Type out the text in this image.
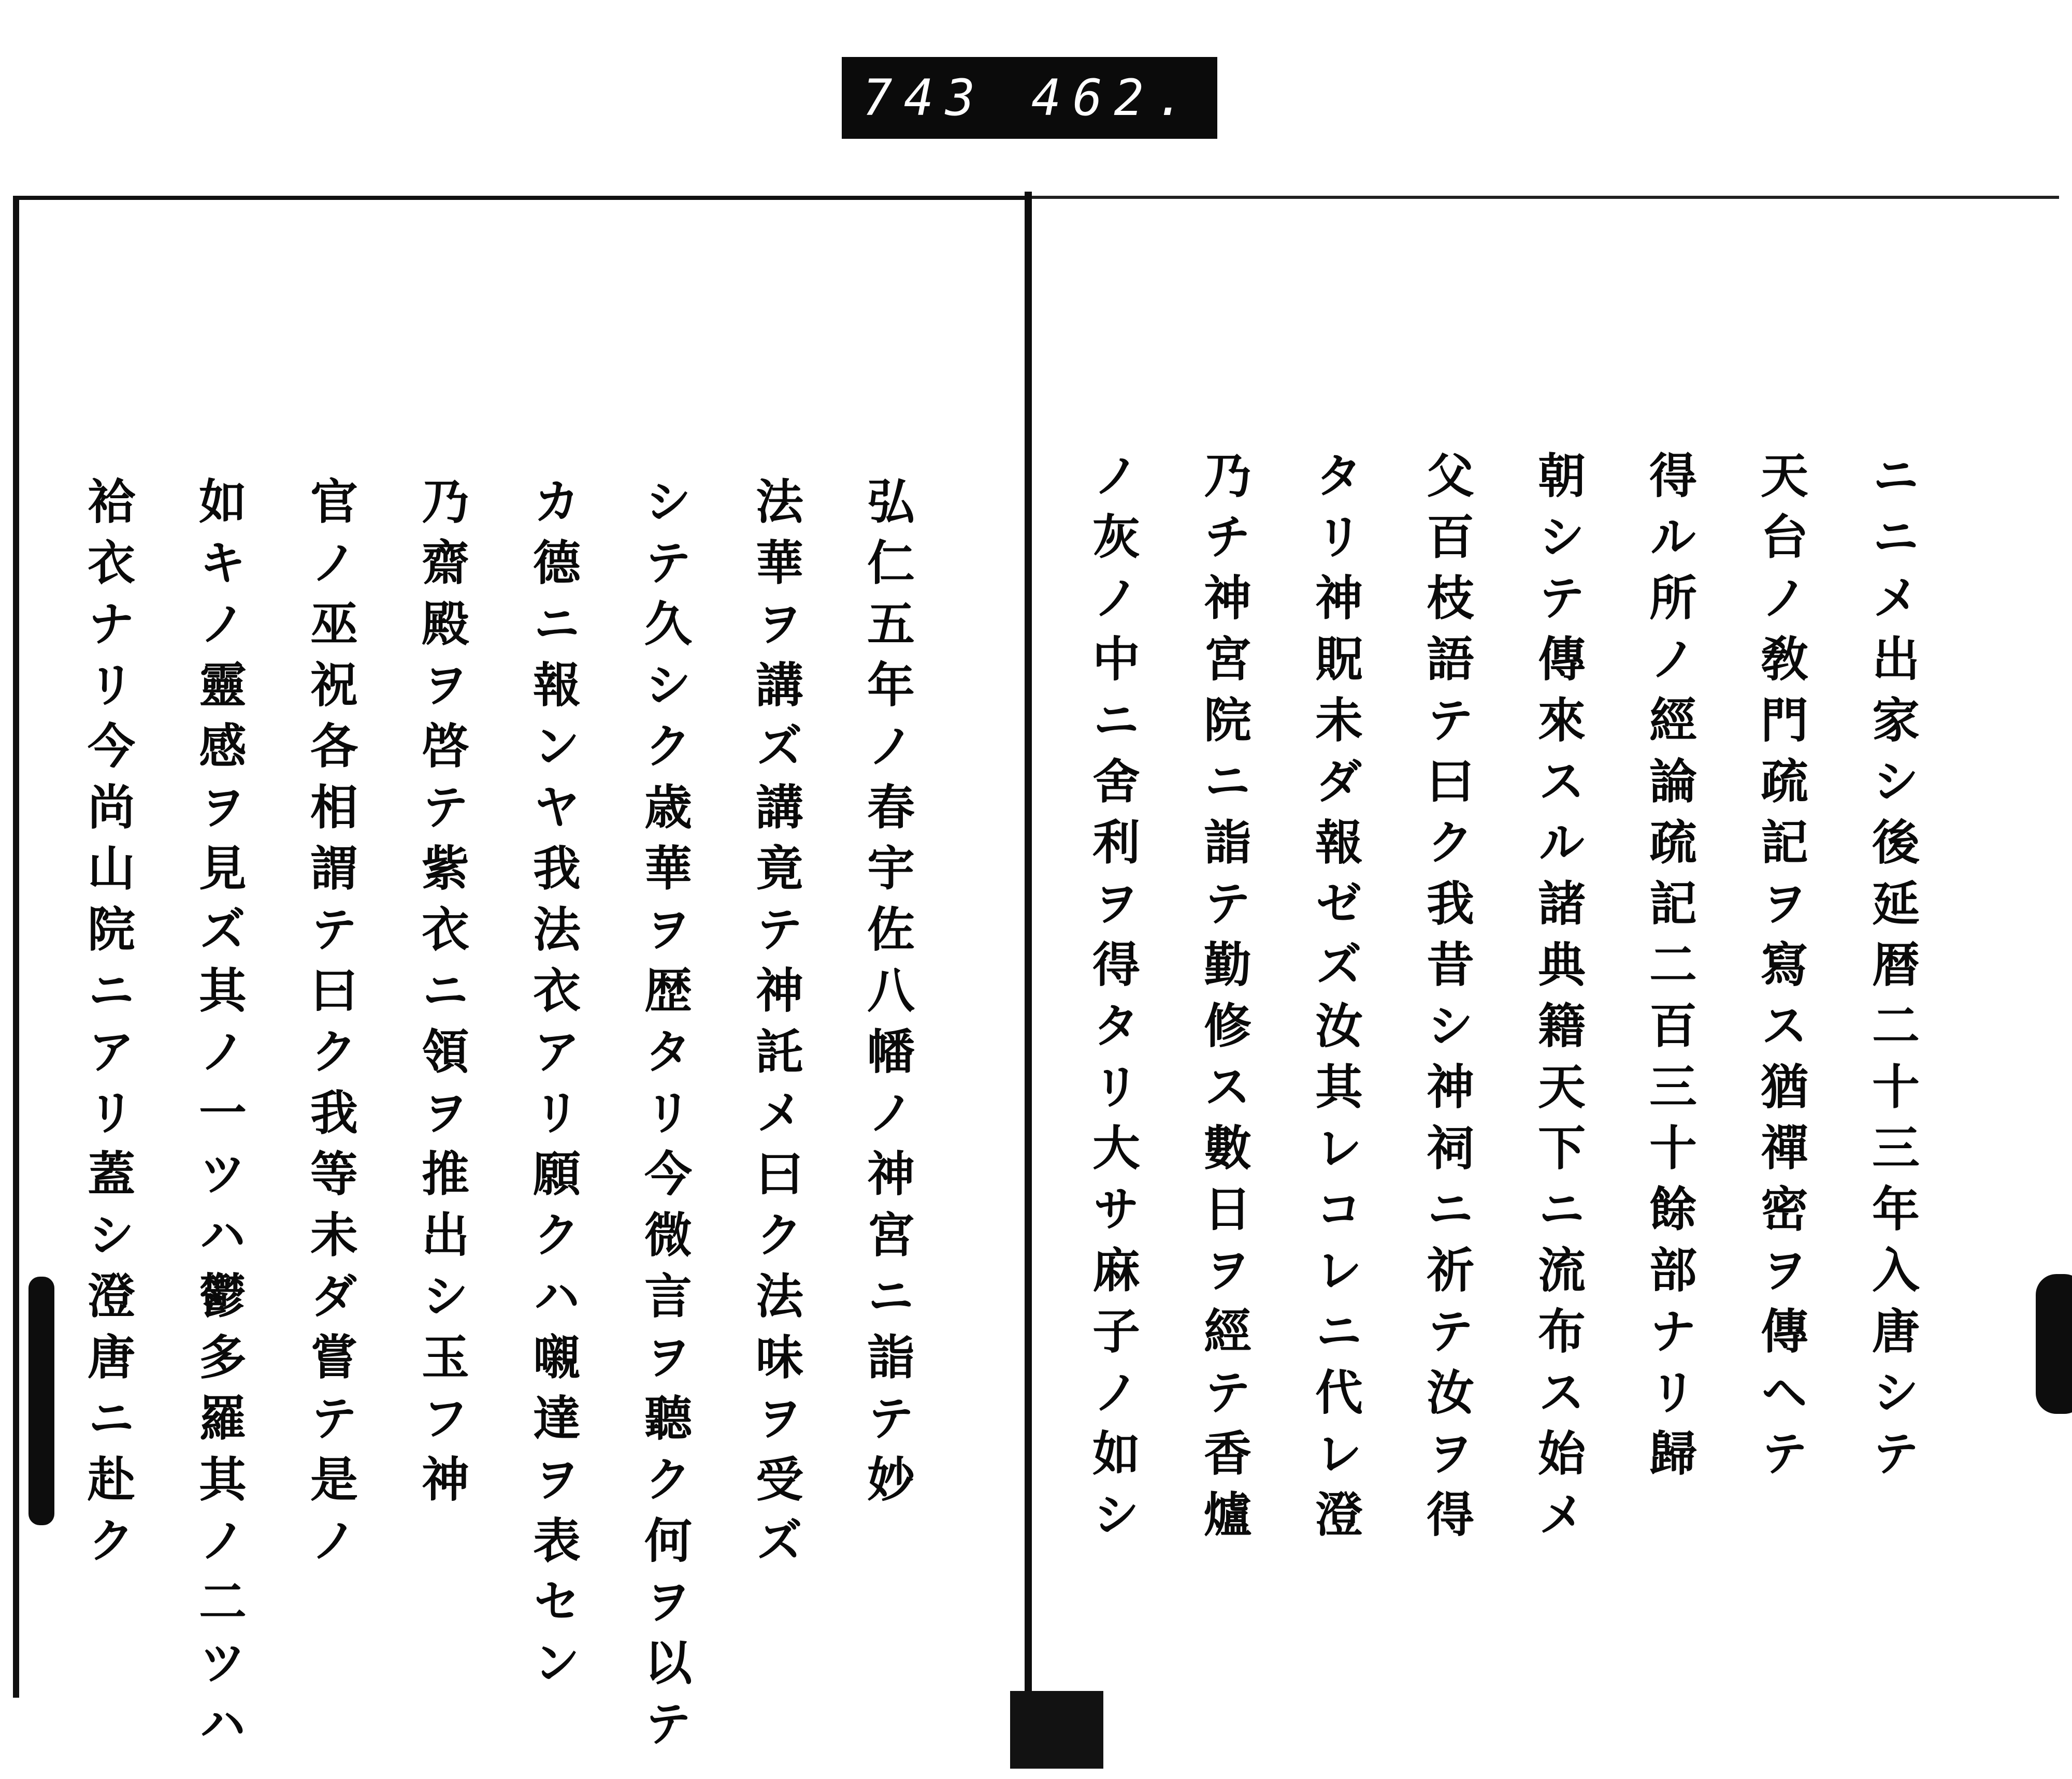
743 462.
ニニメ出家シ後延暦二十三年入唐シテ
天台ノ敎門疏記ヲ寫ス猶禪密ヲ傳ヘテ
得ル所ノ經論疏記二百三十餘部ナリ歸
朝シテ傳來スル諸典籍天下ニ流布ス始メ
父百枝語テ曰ク我昔シ神祠ニ祈テ汝ヲ得
タリ神貺未ダ報ゼズ汝其レコレニ代レ澄
乃チ神宮院ニ詣テ勤修ス數日ヲ經テ香爐
ノ灰ノ中ニ舍利ヲ得タリ大サ麻子ノ如シ
弘仁五年ノ春宇佐八幡ノ神宮ニ詣テ妙
法華ヲ講ズ講竟テ神託メ曰ク法味ヲ受ズ
シテ久シク歳華ヲ歴タリ今微言ヲ聽ク何ヲ以テ
カ德ニ報ンヤ我法衣アリ願クハ嚫達ヲ表セン
乃齋殿ヲ啓テ紫衣ニ領ヲ推出シ玉フ神
官ノ巫祝各相謂テ曰ク我等未ダ嘗テ是ノ
如キノ靈感ヲ見ズ其ノ一ツハ鬱多羅其ノ二ツハ
袷衣ナリ今尚山院ニアリ蓋シ澄唐ニ赴ク
